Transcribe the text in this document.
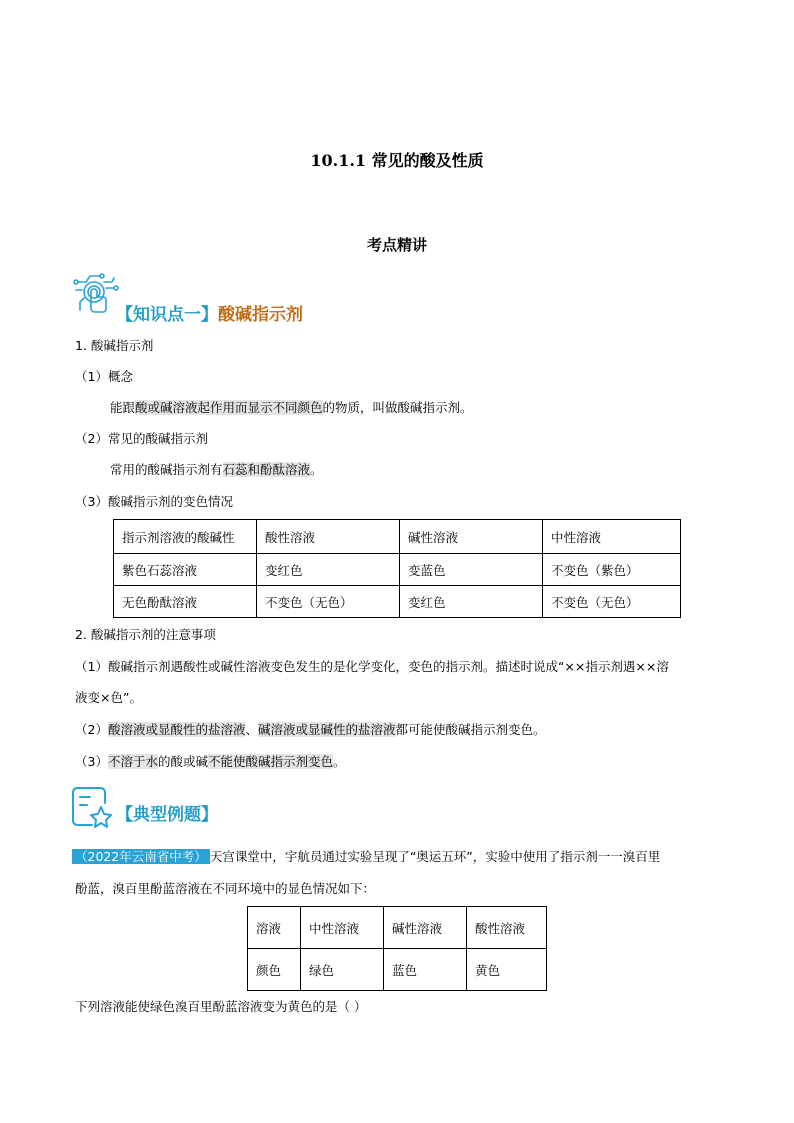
10.1.1 常见的酸及性质
考点精讲
【知识点一】酸碱指示剂
1. 酸碱指示剂
（1）概念
能跟酸或碱溶液起作用而显示不同颜色的物质，叫做酸碱指示剂。
（2）常见的酸碱指示剂
常用的酸碱指示剂有石蕊和酚酞溶液。
（3）酸碱指示剂的变色情况
指示剂溶液的酸碱性	酸性溶液	碱性溶液	中性溶液
紫色石蕊溶液	变红色	变蓝色	不变色（紫色）
无色酚酞溶液	不变色（无色）	变红色	不变色（无色）
2. 酸碱指示剂的注意事项
（1）酸碱指示剂遇酸性或碱性溶液变色发生的是化学变化，变色的指示剂。描述时说成“××指示剂遇××溶
液变×色”。
（2）酸溶液或显酸性的盐溶液、碱溶液或显碱性的盐溶液都可能使酸碱指示剂变色。
（3）不溶于水的酸或碱不能使酸碱指示剂变色。
【典型例题】
（2022年云南省中考） 天宫课堂中，宇航员通过实验呈现了“奥运五环”，实验中使用了指示剂一一溴百里
酚蓝，溴百里酚蓝溶液在不同环境中的显色情况如下：
溶液	中性溶液	碱性溶液	酸性溶液
颜色	绿色	蓝色	黄色
下列溶液能使绿色溴百里酚蓝溶液变为黄色的是（ ）
